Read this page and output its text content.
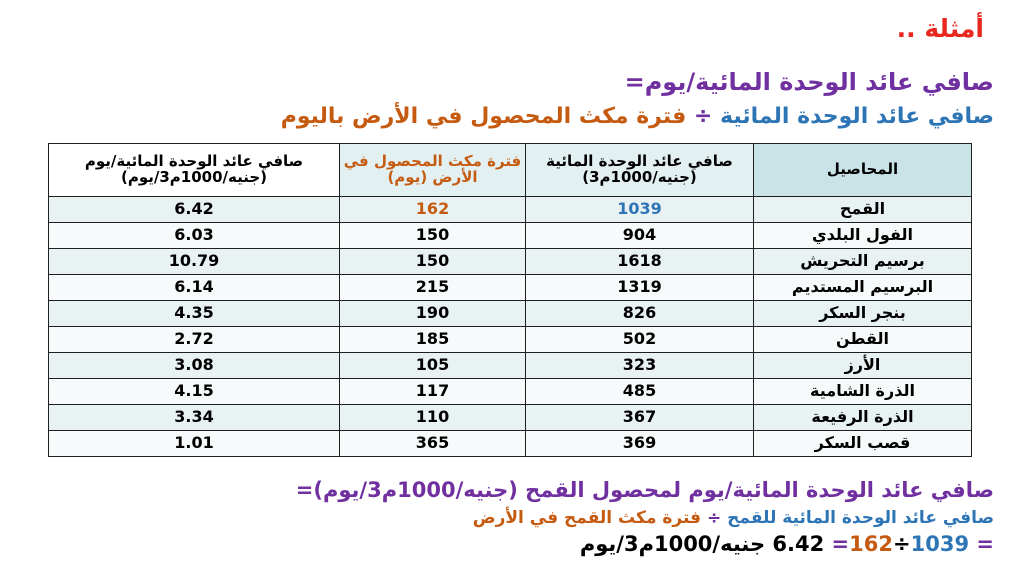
أمثلة ..
صافي عائد الوحدة المائية/يوم=
صافي عائد الوحدة المائية ÷ فترة مكث المحصول في الأرض باليوم
المحاصيل	صافي عائد الوحدة المائية (جنيه/1000م3)	فترة مكث المحصول في الأرض (يوم)	صافي عائد الوحدة المائية/يوم (جنيه/1000م3/يوم)
القمح	1039	162	6.42
الفول البلدي	904	150	6.03
برسيم التحريش	1618	150	10.79
البرسيم المستديم	1319	215	6.14
بنجر السكر	826	190	4.35
القطن	502	185	2.72
الأرز	323	105	3.08
الذرة الشامية	485	117	4.15
الذرة الرفيعة	367	110	3.34
قصب السكر	369	365	1.01
صافي عائد الوحدة المائية/يوم لمحصول القمح (جنيه/1000م3/يوم)=
صافي عائد الوحدة المائية للقمح ÷ فترة مكث القمح في الأرض
= 1039÷162= 6.42 جنيه/1000م3/يوم
